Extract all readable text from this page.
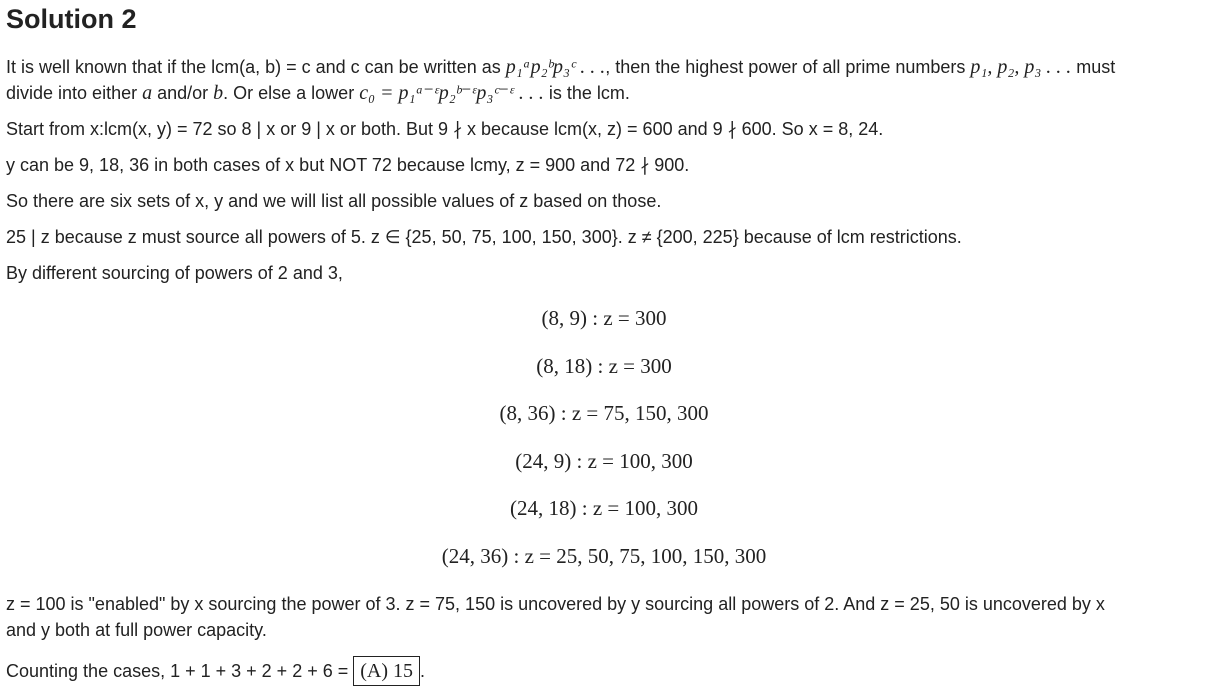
Solution 2
It is well known that if the lcm(a, b) = c and c can be written as p₁ᵃp₂ᵇp₃ᶜ . . ., then the highest power of all prime numbers p₁, p₂, p₃ . . . must
divide into either a and/or b. Or else a lower c₀ = p₁ᵃ⁻ᵋp₂ᵇ⁻ᵋp₃ᶜ⁻ᵋ . . . is the lcm.
Start from x:lcm(x, y) = 72 so 8 | x or 9 | x or both. But 9 ∤ x because lcm(x, z) = 600 and 9 ∤ 600. So x = 8, 24.
y can be 9, 18, 36 in both cases of x but NOT 72 because lcmy, z = 900 and 72 ∤ 900.
So there are six sets of x, y and we will list all possible values of z based on those.
25 | z because z must source all powers of 5. z ∈ {25, 50, 75, 100, 150, 300}. z ≠ {200, 225} because of lcm restrictions.
By different sourcing of powers of 2 and 3,
(8, 9) : z = 300
(8, 18) : z = 300
(8, 36) : z = 75, 150, 300
(24, 9) : z = 100, 300
(24, 18) : z = 100, 300
(24, 36) : z = 25, 50, 75, 100, 150, 300
z = 100 is "enabled" by x sourcing the power of 3. z = 75, 150 is uncovered by y sourcing all powers of 2. And z = 25, 50 is uncovered by x
and y both at full power capacity.
Counting the cases, 1 + 1 + 3 + 2 + 2 + 6 = (A) 15 .
